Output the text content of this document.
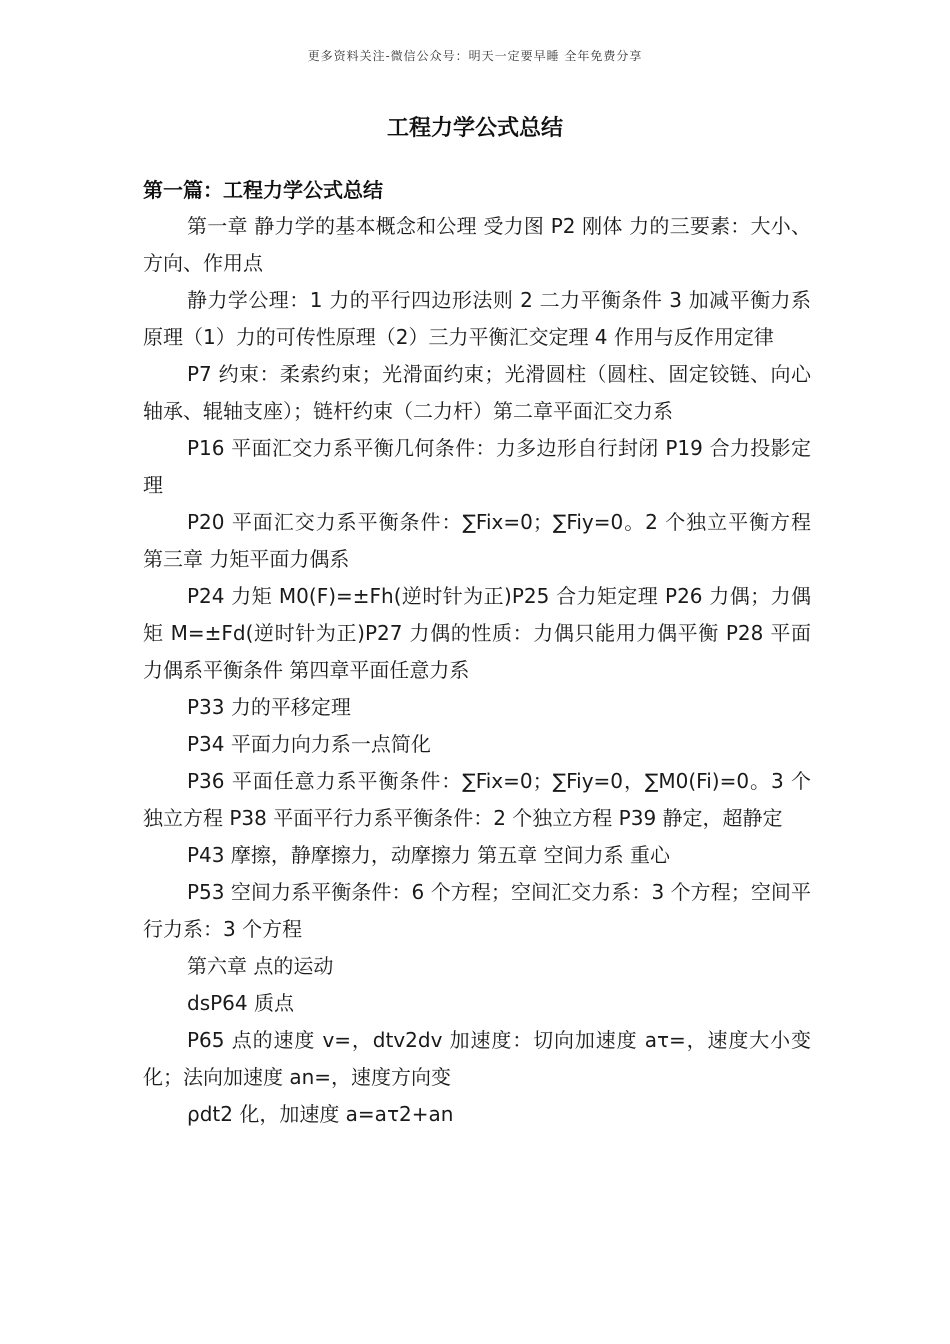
更多资料关注-微信公众号：明天一定要早睡 全年免费分享
工程力学公式总结
第一篇：工程力学公式总结

第一章 静力学的基本概念和公理 受力图 P2 刚体 力的三要素：大小、方向、作用点

静力学公理：1 力的平行四边形法则 2 二力平衡条件 3 加减平衡力系原理（1）力的可传性原理（2）三力平衡汇交定理 4 作用与反作用定律

P7 约束：柔索约束；光滑面约束；光滑圆柱（圆柱、固定铰链、向心轴承、辊轴支座）；链杆约束（二力杆）第二章平面汇交力系

P16 平面汇交力系平衡几何条件：力多边形自行封闭 P19 合力投影定理

P20 平面汇交力系平衡条件：∑Fix=0；∑Fiy=0。2 个独立平衡方程 第三章 力矩平面力偶系

P24 力矩 M0(F)=±Fh(逆时针为正)P25 合力矩定理 P26 力偶；力偶矩 M=±Fd(逆时针为正)P27 力偶的性质：力偶只能用力偶平衡 P28 平面力偶系平衡条件 第四章平面任意力系

P33 力的平移定理

P34 平面力向力系一点简化

P36 平面任意力系平衡条件：∑Fix=0；∑Fiy=0，∑M0(Fi)=0。3 个独立方程 P38 平面平行力系平衡条件：2 个独立方程 P39 静定，超静定

P43 摩擦，静摩擦力，动摩擦力 第五章 空间力系 重心

P53 空间力系平衡条件：6 个方程；空间汇交力系：3 个方程；空间平行力系：3 个方程

第六章 点的运动

dsP64 质点

P65 点的速度 v=，dtv2dv 加速度：切向加速度 aτ=，速度大小变化；法向加速度 an=，速度方向变

ρdt2 化，加速度 a=aτ2+an
